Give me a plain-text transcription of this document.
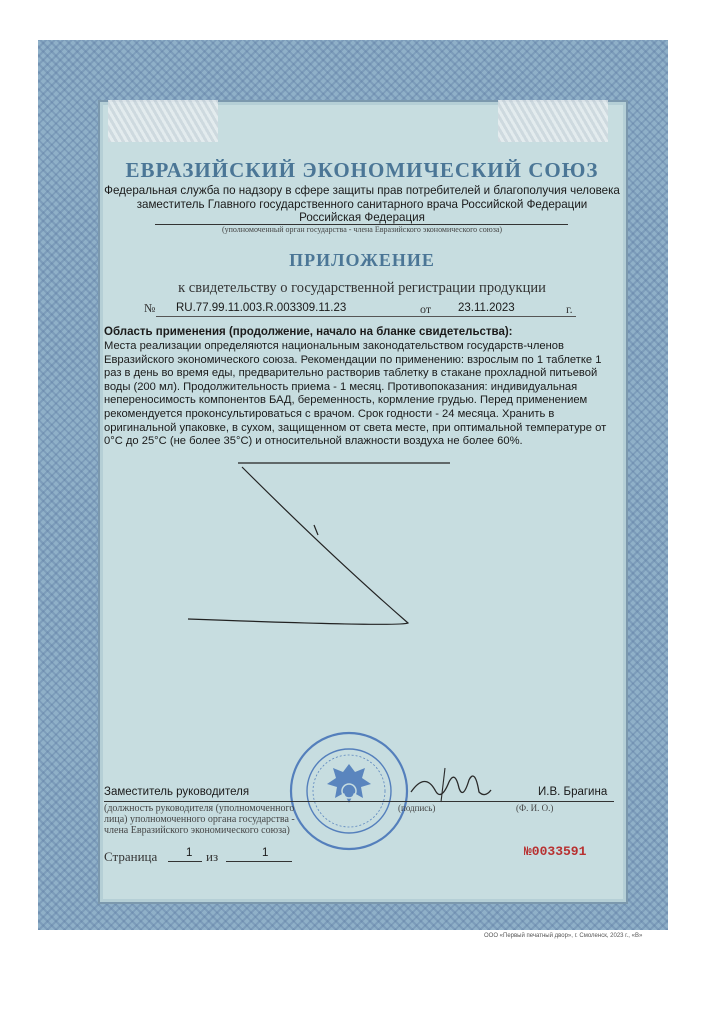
ЕВРАЗИЙСКИЙ ЭКОНОМИЧЕСКИЙ СОЮЗ
Федеральная служба по надзору в сфере защиты прав потребителей и благополучия человека
заместитель Главного государственного санитарного врача Российской Федерации
Российская Федерация
(уполномоченный орган государства - члена Евразийского экономического союза)
ПРИЛОЖЕНИЕ
к свидетельству о государственной регистрации продукции
№ RU.77.99.11.003.R.003309.11.23	от 23.11.2023	г.
Область применения (продолжение, начало на бланке свидетельства):
Места реализации определяются национальным законодательством государств-членов
Евразийского экономического союза. Рекомендации по применению: взрослым по 1 таблетке 1
раз в день во время еды, предварительно растворив таблетку в стакане прохладной питьевой
воды (200 мл). Продолжительность приема - 1 месяц. Противопоказания: индивидуальная
непереносимость компонентов БАД, беременность, кормление грудью. Перед применением
рекомендуется проконсультироваться с врачом. Срок годности - 24 месяца. Хранить в
оригинальной упаковке, в сухом, защищенном от света месте, при оптимальной температуре от
0°C до 25°C (не более 35°C) и относительной влажности воздуха не более 60%.
Заместитель руководителя	И.В. Брагина
(должность руководителя (уполномоченного
лица) уполномоченного органа государства -
члена Евразийского экономического союза)
(подпись)	(Ф. И. О.)
Страница 1 из	1	№0033591
ООО «Первый печатный двор», г. Смоленск, 2023 г., «В»
